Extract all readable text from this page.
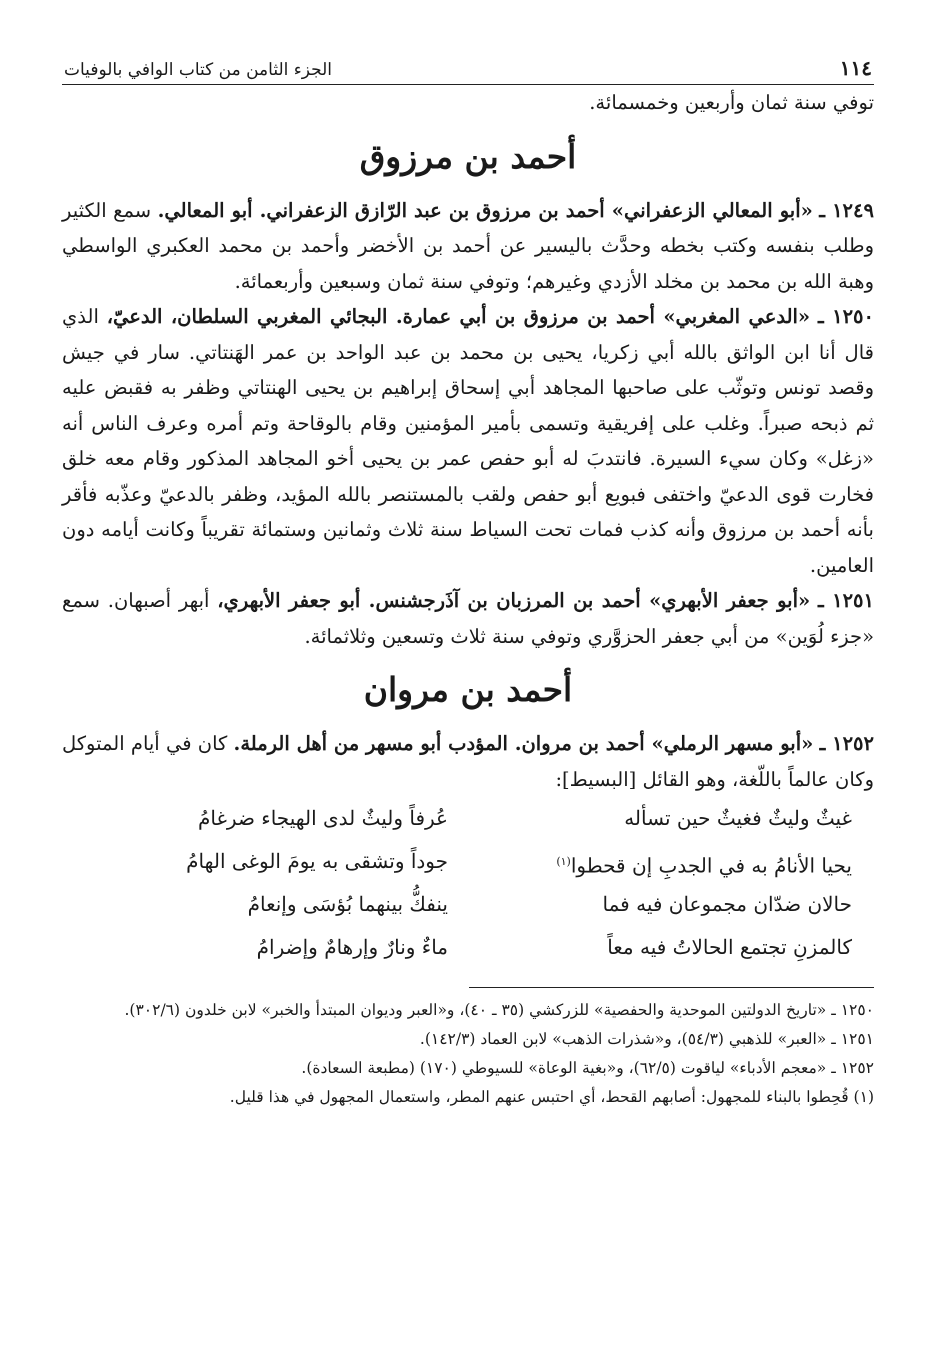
١١٤
الجزء الثامن من كتاب الوافي بالوفيات

توفي سنة ثمان وأربعين وخمسمائة.

أحمد بن مرزوق

١٢٤٩ ـ «أبو المعالي الزعفراني» أحمد بن مرزوق بن عبد الرّازق الزعفراني. أبو المعالي. سمع الكثير وطلب بنفسه وكتب بخطه وحدَّث باليسير عن أحمد بن الأخضر وأحمد بن محمد العكبري الواسطي وهبة الله بن محمد بن مخلد الأزدي وغيرهم؛ وتوفي سنة ثمان وسبعين وأربعمائة.

١٢٥٠ ـ «الدعي المغربي» أحمد بن مرزوق بن أبي عمارة. البجائي المغربي السلطان، الدعيّ، الذي قال أنا ابن الواثق بالله أبي زكريا، يحيى بن محمد بن عبد الواحد بن عمر الهَنتاتي. سار في جيش وقصد تونس وتوثّب على صاحبها المجاهد أبي إسحاق إبراهيم بن يحيى الهنتاتي وظفر به فقبض عليه ثم ذبحه صبراً. وغلب على إفريقية وتسمى بأمير المؤمنين وقام بالوقاحة وتم أمره وعرف الناس أنه «زغل» وكان سيء السيرة. فانتدبَ له أبو حفص عمر بن يحيى أخو المجاهد المذكور وقام معه خلق فخارت قوى الدعيّ واختفى فبويع أبو حفص ولقب بالمستنصر بالله المؤيد، وظفر بالدعيّ وعذّبه فأقر بأنه أحمد بن مرزوق وأنه كذب فمات تحت السياط سنة ثلاث وثمانين وستمائة تقريباً وكانت أيامه دون العامين.

١٢٥١ ـ «أبو جعفر الأبهري» أحمد بن المرزبان بن آذَرجشنس. أبو جعفر الأبهري، أبهر أصبهان. سمع «جزء لُوَين» من أبي جعفر الحزوَّري وتوفي سنة ثلاث وتسعين وثلاثمائة.

أحمد بن مروان

١٢٥٢ ـ «أبو مسهر الرملي» أحمد بن مروان. المؤدب أبو مسهر من أهل الرملة. كان في أيام المتوكل وكان عالماً باللّغة، وهو القائل [البسيط]:

غيثٌ وليثٌ فغيثٌ حين تسأله
عُرفاً وليثٌ لدى الهيجاء ضرغامُ
يحيا الأنامُ به في الجدبِ إن قحطوا$^{(١)}$
جوداً وتشقى به يومَ الوغى الهامُ
حالان ضدّان مجموعان فيه فما
ينفكُّ بينهما بُؤسَى وإنعامُ
كالمزنِ تجتمع الحالاتُ فيه معاً
ماءٌ ونارٌ وإرهامٌ وإضرامُ

١٢٥٠ ـ «تاريخ الدولتين الموحدية والحفصية» للزركشي (٣٥ ـ ٤٠)، و«العبر وديوان المبتدأ والخبر» لابن خلدون (٣٠٢/٦).

١٢٥١ ـ «العبر» للذهبي (٥٤/٣)، و«شذرات الذهب» لابن العماد (١٤٢/٣).

١٢٥٢ ـ «معجم الأدباء» لياقوت (٦٢/٥)، و«بغية الوعاة» للسيوطي (١٧٠) (مطبعة السعادة).

(١) قُحِطوا بالبناء للمجهول: أصابهم القحط، أي احتبس عنهم المطر، واستعمال المجهول في هذا قليل.
